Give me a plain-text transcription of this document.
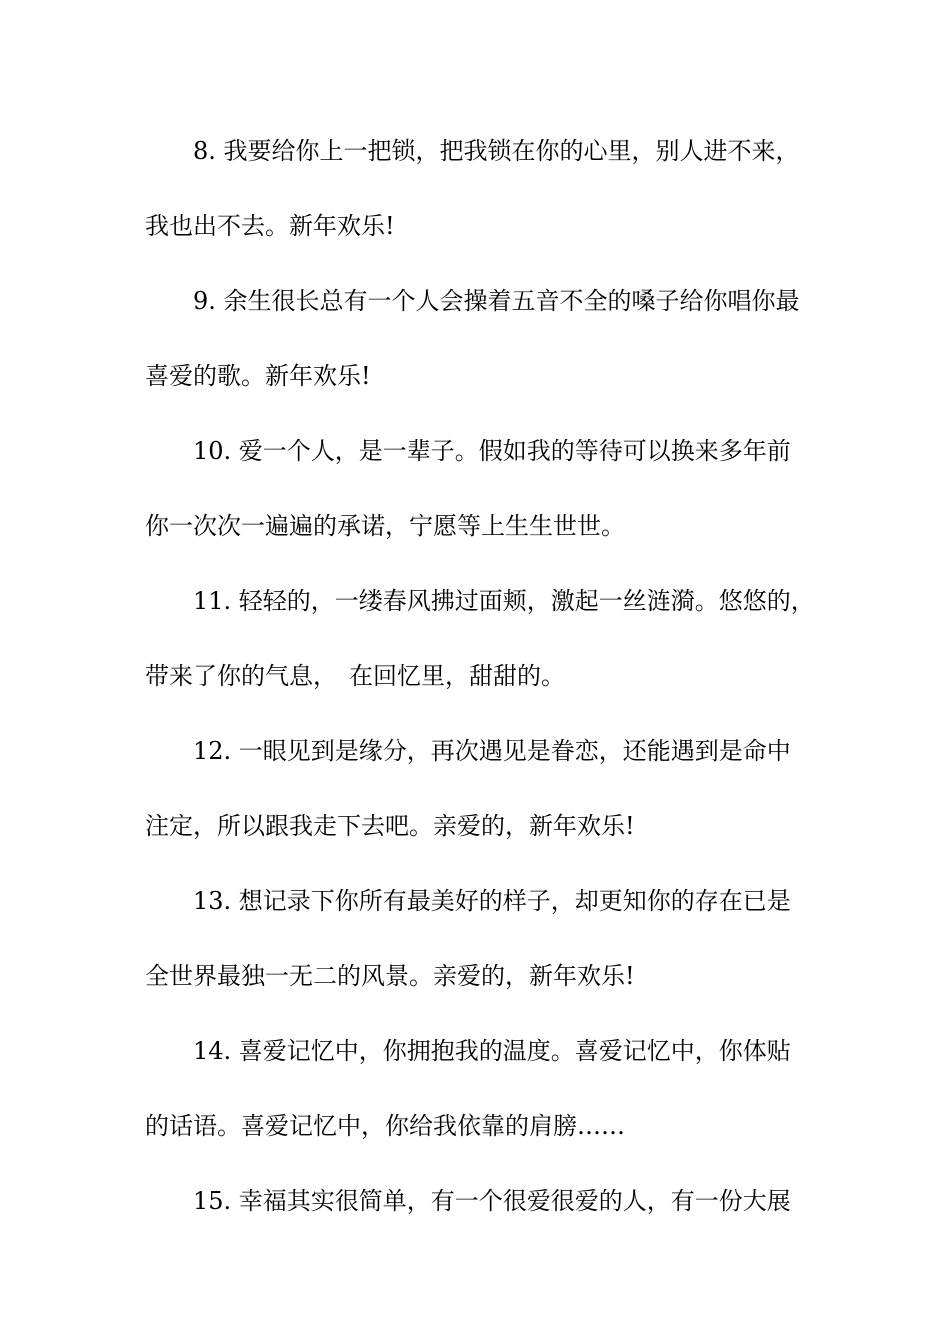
8. 我要给你上一把锁，把我锁在你的心里，别人进不来，
我也出不去。新年欢乐!
9. 余生很长总有一个人会操着五音不全的嗓子给你唱你最
喜爱的歌。新年欢乐!
10. 爱一个人，是一辈子。假如我的等待可以换来多年前
你一次次一遍遍的承诺，宁愿等上生生世世。
11. 轻轻的，一缕春风拂过面颊，激起一丝涟漪。悠悠的，
带来了你的气息，　在回忆里，甜甜的。
12. 一眼见到是缘分，再次遇见是眷恋，还能遇到是命中
注定，所以跟我走下去吧。亲爱的，新年欢乐!
13. 想记录下你所有最美好的样子，却更知你的存在已是
全世界最独一无二的风景。亲爱的，新年欢乐!
14. 喜爱记忆中，你拥抱我的温度。喜爱记忆中，你体贴
的话语。喜爱记忆中，你给我依靠的肩膀……
15. 幸福其实很简单，有一个很爱很爱的人，有一份大展
